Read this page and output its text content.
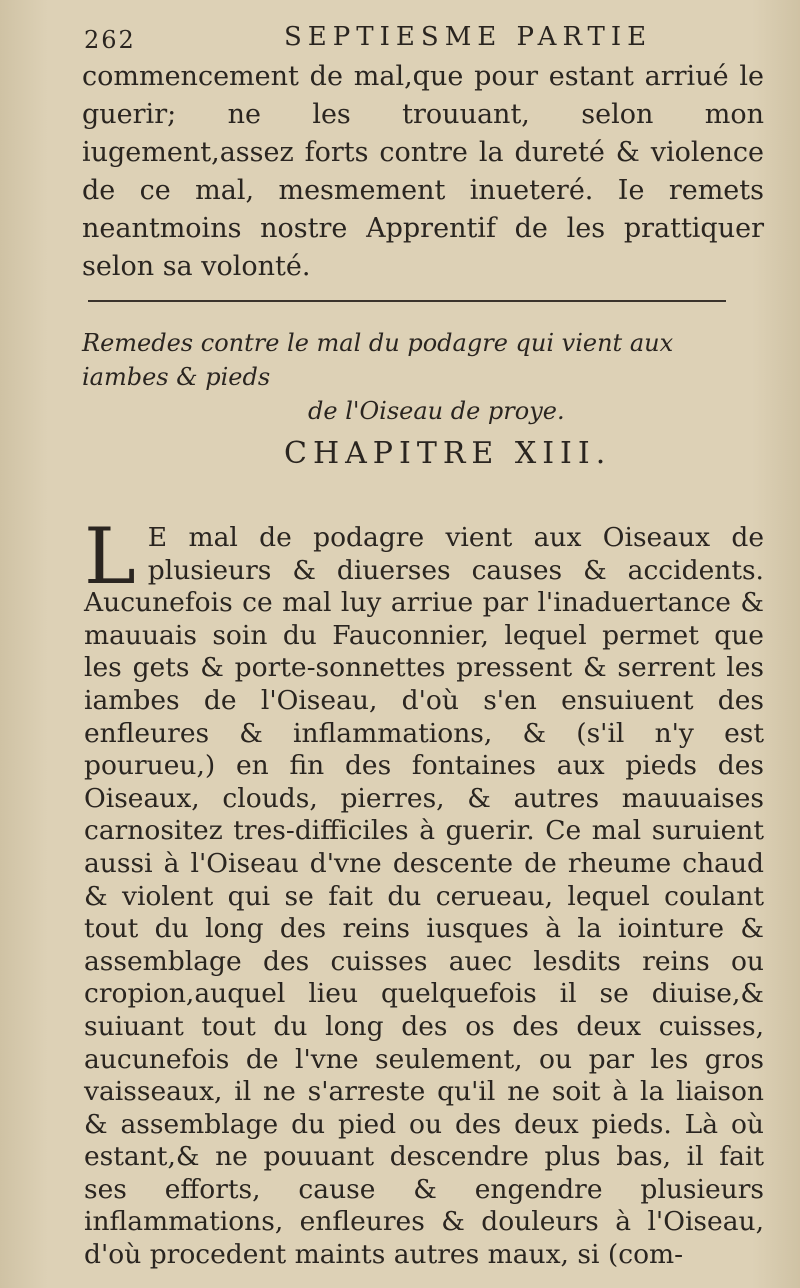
262	SEPTIESME PARTIE

commencement de mal,que pour estant arriué le guerir; ne les trouuant, selon mon iugement,assez forts contre la dureté & violence de ce mal, mesmement inueteré. Ie remets neantmoins nostre Apprentif de les prattiquer selon sa volonté.

Remedes contre le mal du podagre qui vient aux iambes & pieds
de l'Oiseau de proye.

CHAPITRE XIII.

L E mal de podagre vient aux Oiseaux de plusieurs & diuerses causes & accidents. Aucunefois ce mal luy arriue par l'inaduertance & mauuais soin du Fauconnier, lequel permet que les gets & porte-sonnettes pressent & serrent les iambes de l'Oiseau, d'où s'en ensuiuent des enfleures & inflammations, & (s'il n'y est pourueu,) en fin des fontaines aux pieds des Oiseaux, clouds, pierres, & autres mauuaises carnositez tres-difficiles à guerir. Ce mal suruient aussi à l'Oiseau d'vne descente de rheume chaud & violent qui se fait du cerueau, lequel coulant tout du long des reins iusques à la iointure & assemblage des cuisses auec lesdits reins ou cropion,auquel lieu quelquefois il se diuise,& suiuant tout du long des os des deux cuisses, aucunefois de l'vne seulement, ou par les gros vaisseaux, il ne s'arreste qu'il ne soit à la liaison & assemblage du pied ou des deux pieds. Là où estant,& ne pouuant descendre plus bas, il fait ses efforts, cause & engendre plusieurs inflammations, enfleures & douleurs à l'Oiseau, d'où procedent maints autres maux, si (com-
